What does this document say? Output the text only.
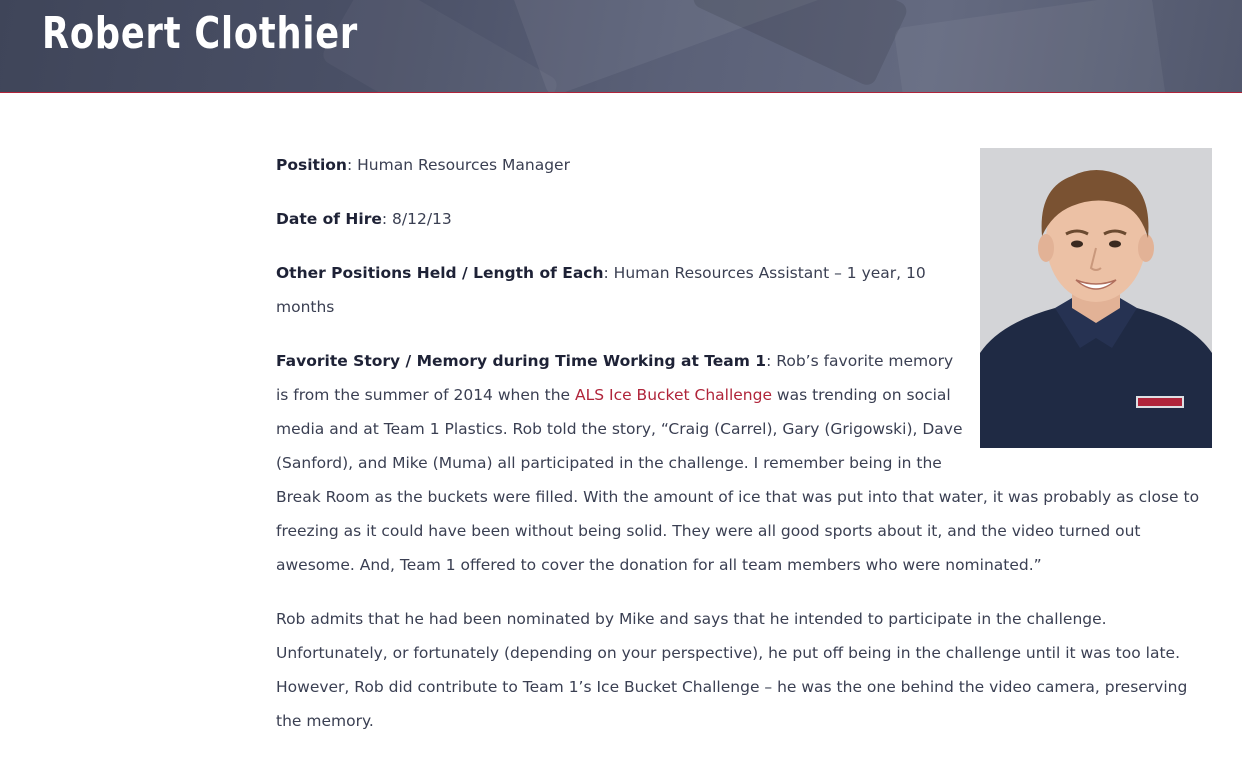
Robert Clothier

Position: Human Resources Manager

Date of Hire: 8/12/13

Other Positions Held / Length of Each: Human Resources Assistant – 1 year, 10 months

Favorite Story / Memory during Time Working at Team 1: Rob’s favorite memory is from the summer of 2014 when the ALS Ice Bucket Challenge was trending on social media and at Team 1 Plastics. Rob told the story, “Craig (Carrel), Gary (Grigowski), Dave (Sanford), and Mike (Muma) all participated in the challenge. I remember being in the Break Room as the buckets were filled. With the amount of ice that was put into that water, it was probably as close to freezing as it could have been without being solid. They were all good sports about it, and the video turned out awesome. And, Team 1 offered to cover the donation for all team members who were nominated.”

Rob admits that he had been nominated by Mike and says that he intended to participate in the challenge. Unfortunately, or fortunately (depending on your perspective), he put off being in the challenge until it was too late. However, Rob did contribute to Team 1’s Ice Bucket Challenge – he was the one behind the video camera, preserving the memory.
